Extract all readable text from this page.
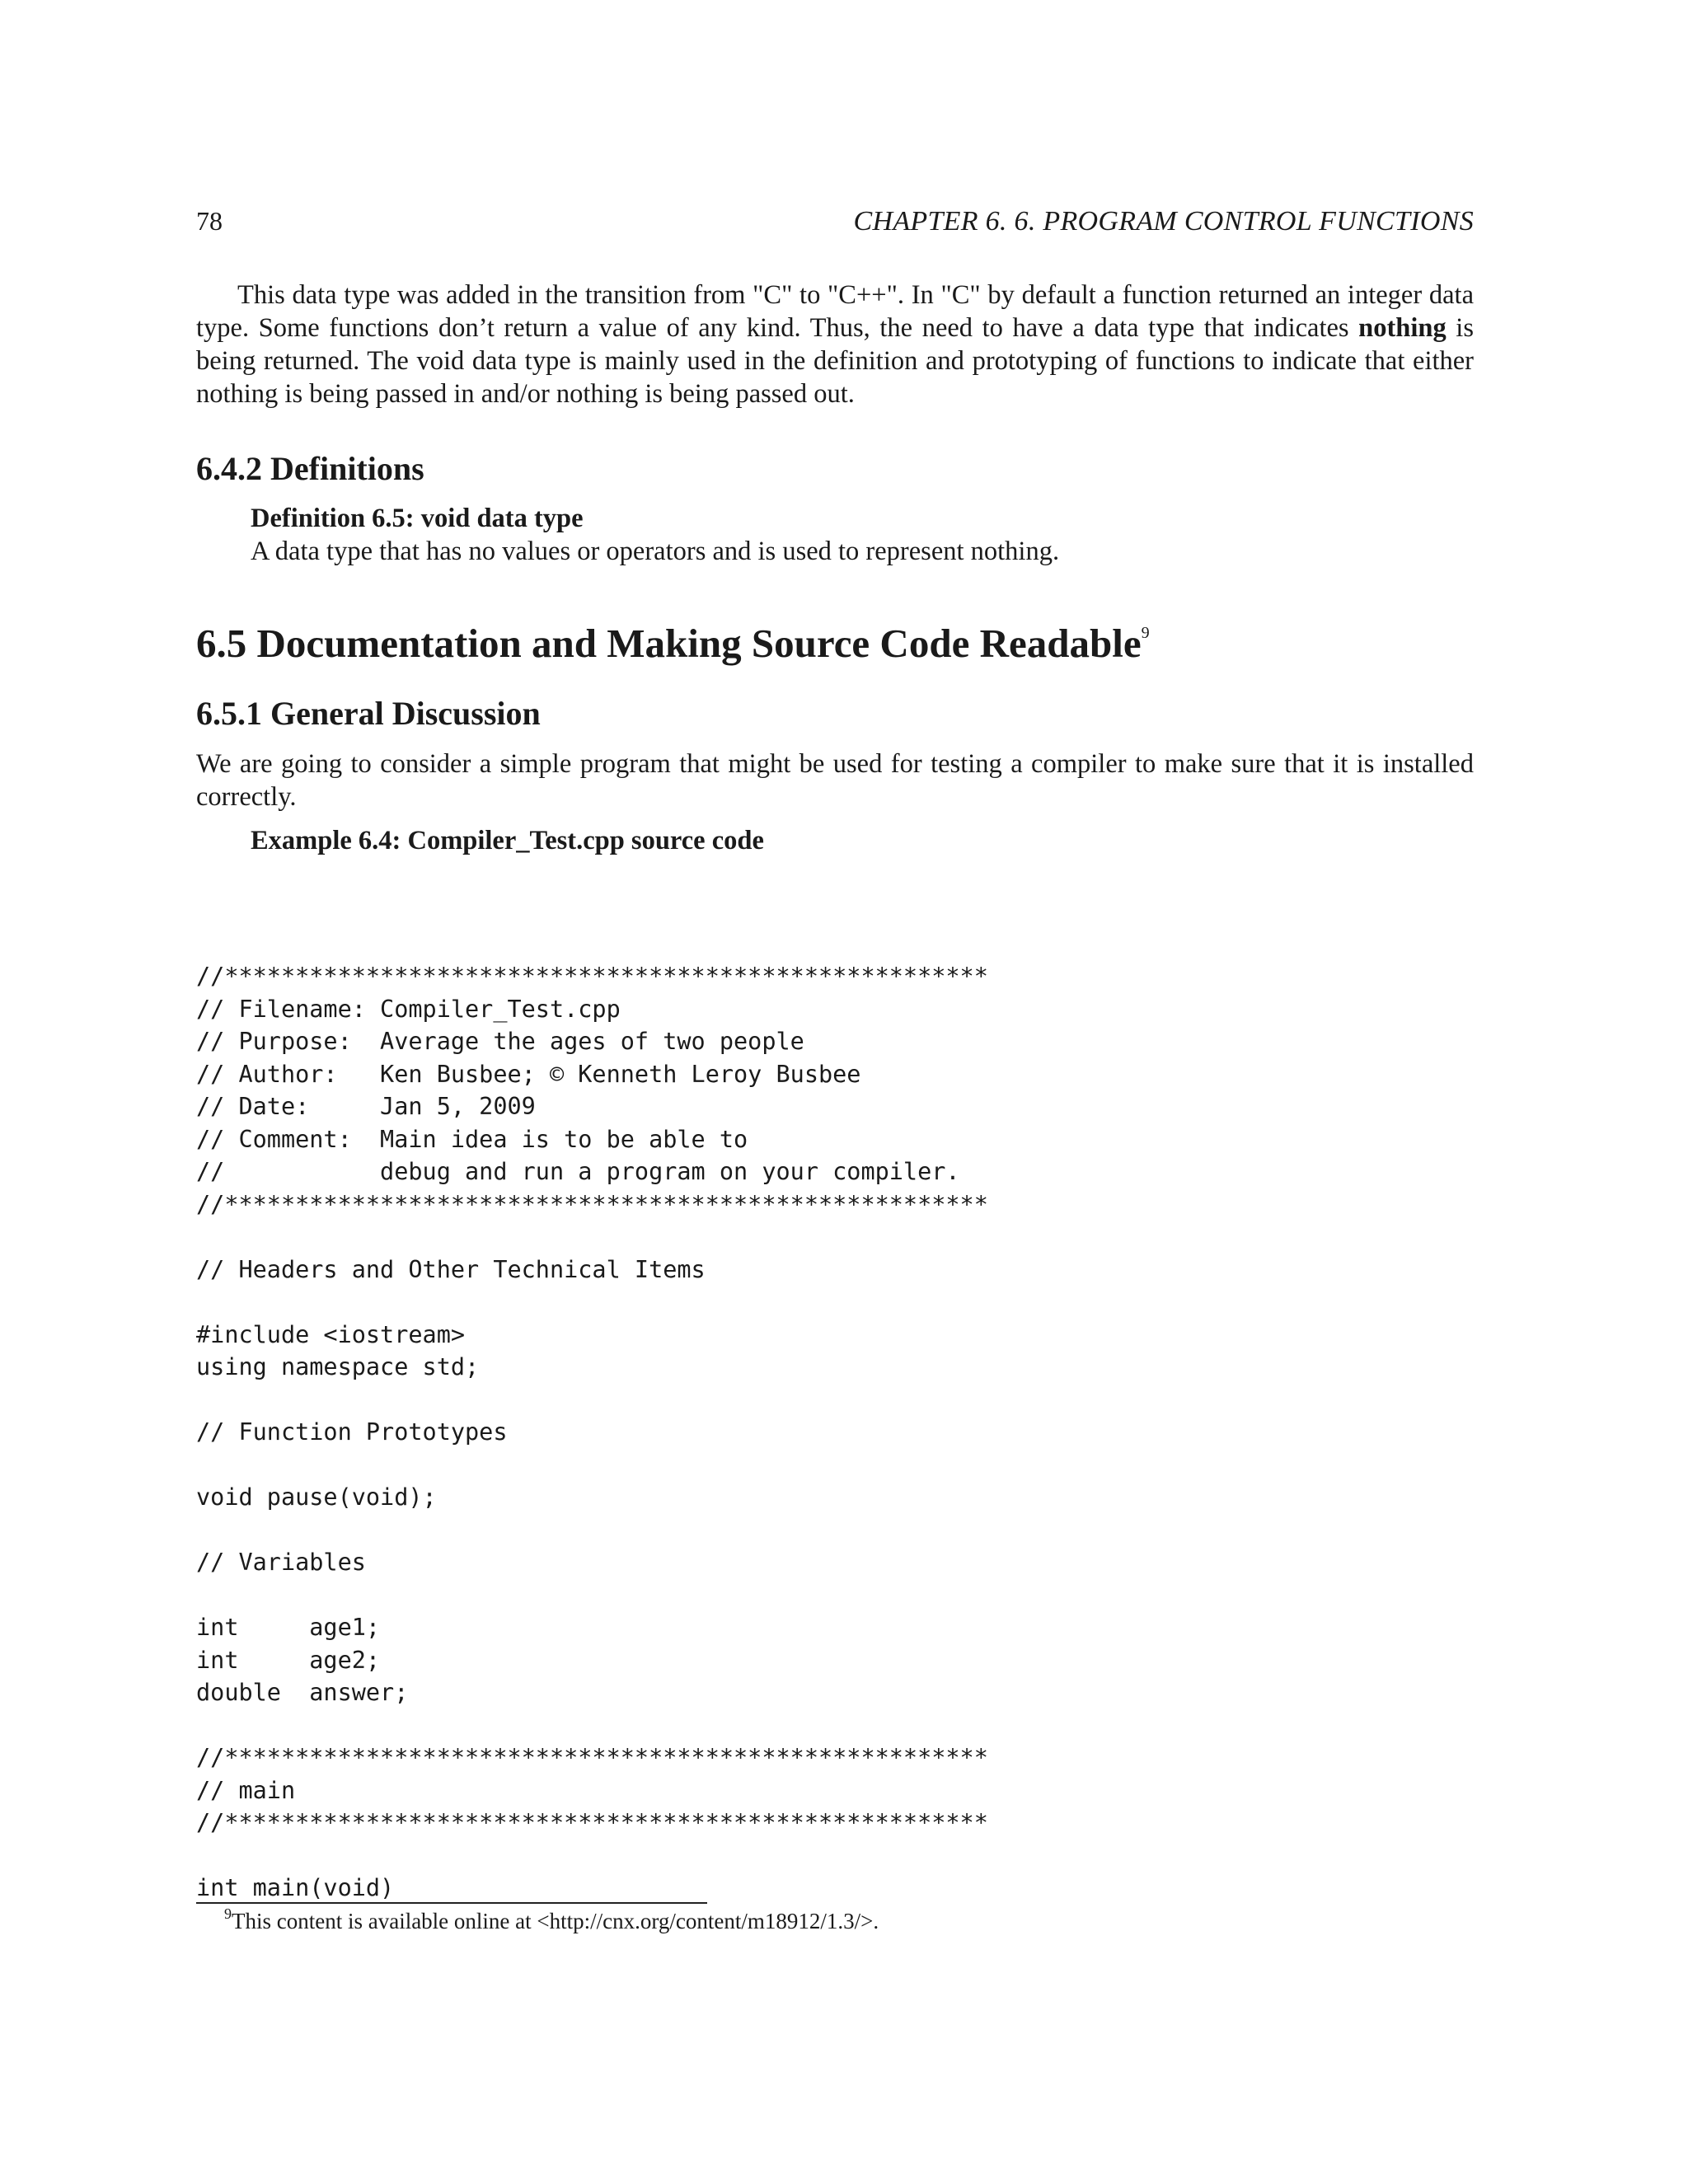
78	CHAPTER 6. 6. PROGRAM CONTROL FUNCTIONS
This data type was added in the transition from "C" to "C++". In "C" by default a function returned an integer data type. Some functions don’t return a value of any kind. Thus, the need to have a data type that indicates nothing is being returned. The void data type is mainly used in the definition and prototyping of functions to indicate that either nothing is being passed in and/or nothing is being passed out.
6.4.2 Definitions
Definition 6.5: void data type
A data type that has no values or operators and is used to represent nothing.
6.5 Documentation and Making Source Code Readable$^9$
6.5.1 General Discussion
We are going to consider a simple program that might be used for testing a compiler to make sure that it is installed correctly.
Example 6.4: Compiler_Test.cpp source code
//******************************************************
// Filename: Compiler_Test.cpp
// Purpose:  Average the ages of two people
// Author:   Ken Busbee; © Kenneth Leroy Busbee
// Date:     Jan 5, 2009
// Comment:  Main idea is to be able to
//           debug and run a program on your compiler.
//******************************************************
// Headers and Other Technical Items
#include <iostream>
using namespace std;
// Function Prototypes
void pause(void);
// Variables
int     age1;
int     age2;
double  answer;
//******************************************************
// main
//******************************************************
int main(void)
$^9$This content is available online at <http://cnx.org/content/m18912/1.3/>.
